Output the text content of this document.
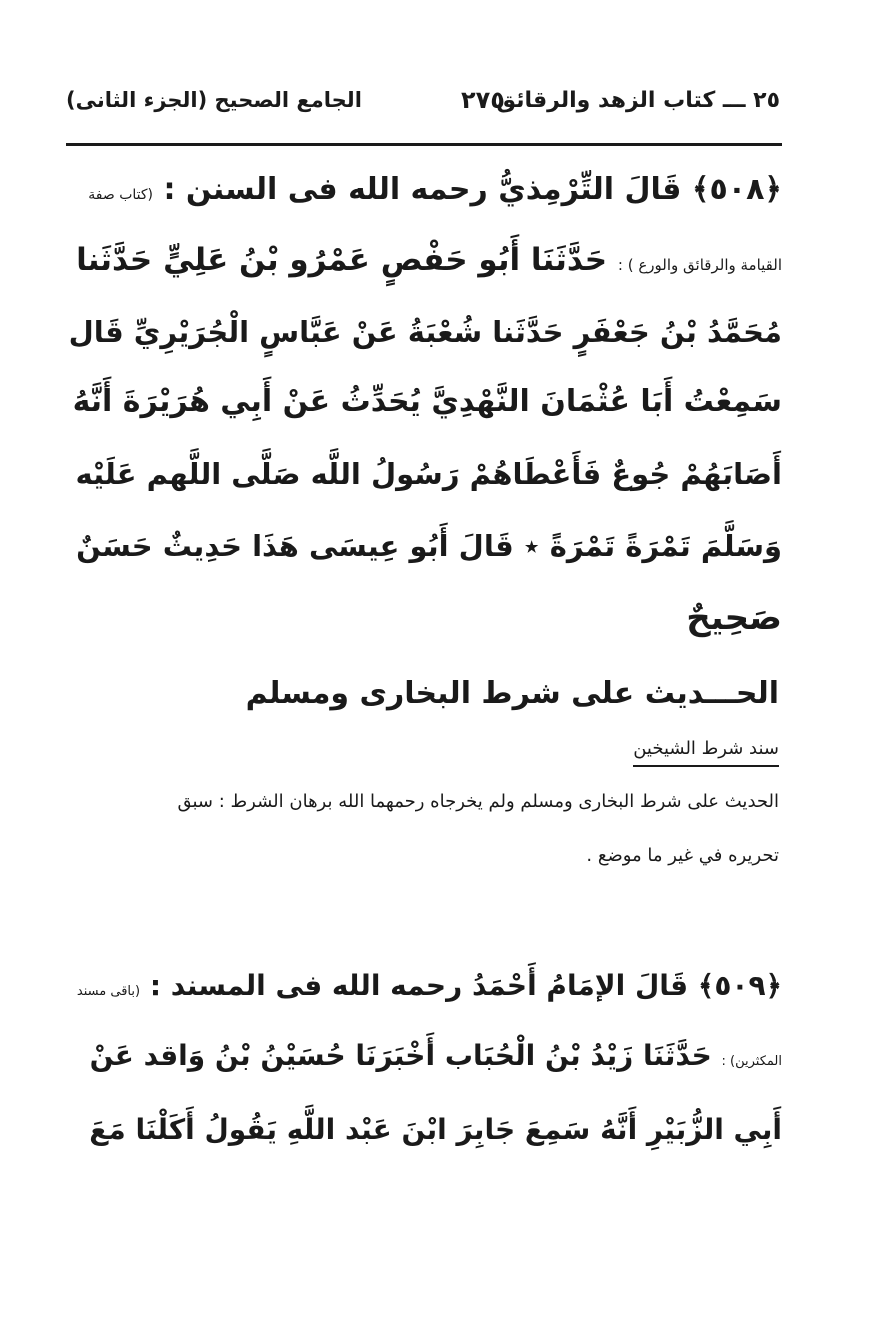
٢٥ ـــ كتاب الزهد والرقائق
٢٧٥
الجامع الصحيح (الجزء الثانى)
﴿٥٠٨﴾ قَالَ التِّرْمِذيُّ رحمه الله فى السنن : (كتاب صفة
القيامة والرقائق والورع ) : حَدَّثَنَا أَبُو حَفْصٍ عَمْرُو بْنُ عَلِيٍّ حَدَّثَنا
مُحَمَّدُ بْنُ جَعْفَرٍ حَدَّثَنا شُعْبَةُ عَنْ عَبَّاسٍ الْجُرَيْرِيِّ قَال
سَمِعْتُ أَبَا عُثْمَانَ النَّهْدِيَّ يُحَدِّثُ عَنْ أَبِي هُرَيْرَةَ أَنَّهُ
أَصَابَهُمْ جُوعٌ فَأَعْطَاهُمْ رَسُولُ اللَّه صَلَّى اللَّهم عَلَيْه
وَسَلَّمَ تَمْرَةً تَمْرَةً ٭ قَالَ أَبُو عِيسَى هَذَا حَدِيثٌ حَسَنٌ
صَحِيحٌ
الحـــديث على شرط البخارى ومسلم
سند شرط الشيخين
الحديث على شرط البخارى ومسلم ولم يخرجاه رحمهما الله برهان الشرط : سبق
تحريره في غير ما موضع .
﴿٥٠٩﴾ قَالَ الإمَامُ أَحْمَدُ رحمه الله فى المسند : (باقى مسند
المكثرين) : حَدَّثَنَا زَيْدُ بْنُ الْحُبَاب أَخْبَرَنَا حُسَيْنُ بْنُ وَاقد عَنْ
أَبِي الزُّبَيْرِ أَنَّهُ سَمِعَ جَابِرَ ابْنَ عَبْد اللَّهِ يَقُولُ أَكَلْنَا مَعَ
